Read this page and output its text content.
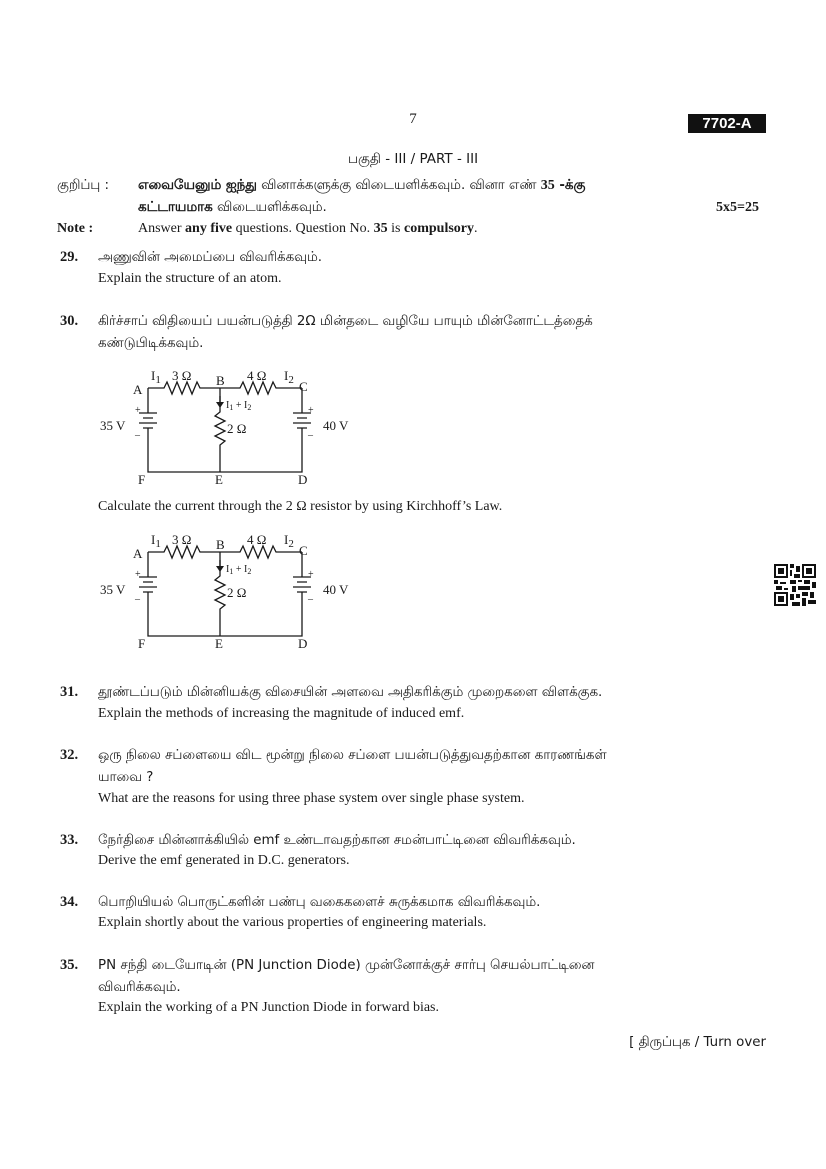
7	7702-A
பகுதி - III / PART - III
குறிப்பு :	எவையேனும் ஐந்து வினாக்களுக்கு விடையளிக்கவும். வினா எண் 35 -க்கு
கட்டாயமாக விடையளிக்கவும்.	5x5=25
Note :	Answer any five questions. Question No. 35 is compulsory.
29. அணுவின் அமைப்பை விவரிக்கவும்.
Explain the structure of an atom.
30. கிர்ச்சாப் விதியைப் பயன்படுத்தி 2Ω மின்தடை வழியே பாயும் மின்னோட்டத்தைக்
கண்டுபிடிக்கவும்.
A
B	C
F	E	D
$I_1$ 3 Ω	4 Ω $I_2$
2 Ω
35 V	40 V
$I_1 + I_2$
+
–
+
–
Calculate the current through the 2 Ω resistor by using Kirchhoff’s Law.
A
B	C
F	E	D
$I_1$ 3 Ω	4 Ω $I_2$
2 Ω
35 V	40 V
$I_1 + I_2$
+
–
+
–
31. தூண்டப்படும் மின்னியக்கு விசையின் அளவை அதிகரிக்கும் முறைகளை விளக்குக.
Explain the methods of increasing the magnitude of induced emf.
32. ஒரு நிலை சப்ளையை விட மூன்று நிலை சப்ளை பயன்படுத்துவதற்கான காரணங்கள்
யாவை ?
What are the reasons for using three phase system over single phase system.
33. நேர்திசை மின்னாக்கியில் emf உண்டாவதற்கான சமன்பாட்டினை விவரிக்கவும்.
Derive the emf generated in D.C. generators.
34. பொறியியல் பொருட்களின் பண்பு வகைகளைச் சுருக்கமாக விவரிக்கவும்.
Explain shortly about the various properties of engineering materials.
35. PN சந்தி டையோடின் (PN Junction Diode) முன்னோக்குச் சார்பு செயல்பாட்டினை
விவரிக்கவும்.
Explain the working of a PN Junction Diode in forward bias.
[ திருப்புக / Turn over
